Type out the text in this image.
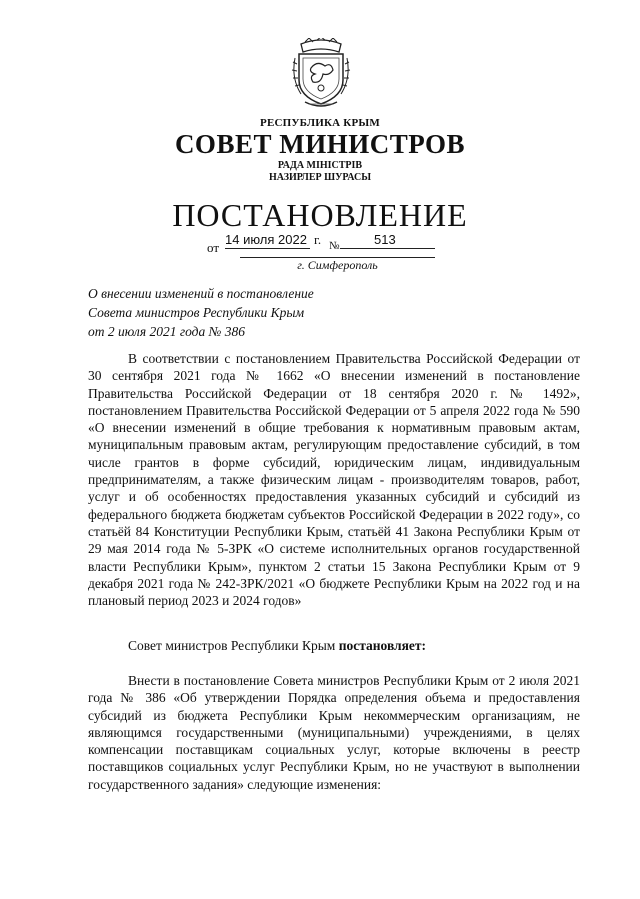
РЕСПУБЛИКА КРЫМ
СОВЕТ МИНИСТРОВ
РАДА МІНІСТРІВ
НАЗИРЛЕР ШУРАСЫ
ПОСТАНОВЛЕНИЕ
от
14 июля 2022 г. №	513
г. Симферополь
О внесении изменений в постановление
Совета министров Республики Крым
от 2 июля 2021 года № 386
В соответствии с постановлением Правительства Российской Федерации от 30 сентября 2021 года № 1662 «О внесении изменений в постановление Правительства Российской Федерации от 18 сентября 2020 г. № 1492», постановлением Правительства Российской Федерации от 5 апреля 2022 года № 590 «О внесении изменений в общие требования к нормативным правовым актам, муниципальным правовым актам, регулирующим предоставление субсидий, в том числе грантов в форме субсидий, юридическим лицам, индивидуальным предпринимателям, а также физическим лицам - производителям товаров, работ, услуг и об особенностях предоставления указанных субсидий и субсидий из федерального бюджета бюджетам субъектов Российской Федерации в 2022 году», со статьёй 84 Конституции Республики Крым, статьёй 41 Закона Республики Крым от 29 мая 2014 года № 5-ЗРК «О системе исполнительных органов государственной власти Республики Крым», пунктом 2 статьи 15 Закона Республики Крым от 9 декабря 2021 года № 242-ЗРК/2021 «О бюджете Республики Крым на 2022 год и на плановый период 2023 и 2024 годов»
Совет министров Республики Крым постановляет:
Внести в постановление Совета министров Республики Крым от 2 июля 2021 года № 386 «Об утверждении Порядка определения объема и предоставления субсидий из бюджета Республики Крым некоммерческим организациям, не являющимся государственными (муниципальными) учреждениями, в целях компенсации поставщикам социальных услуг, которые включены в реестр поставщиков социальных услуг Республики Крым, но не участвуют в выполнении государственного задания» следующие изменения:
